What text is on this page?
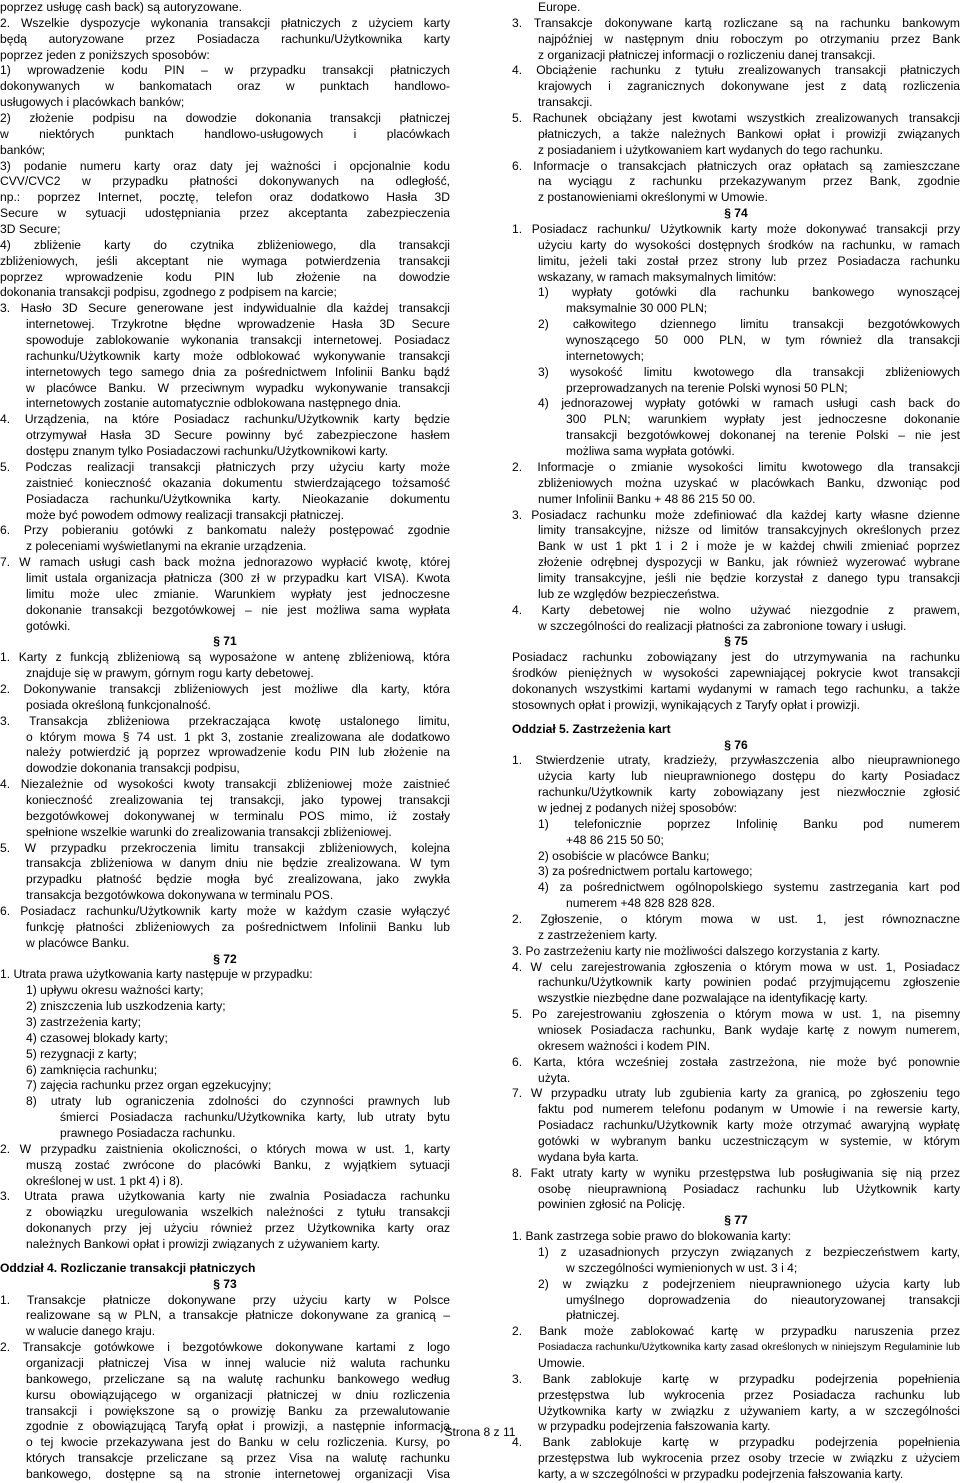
poprzez usługę cash back) są autoryzowane.
2. Wszelkie dyspozycje wykonania transakcji płatniczych z użyciem karty
będą autoryzowane przez Posiadacza rachunku/Użytkownika karty
poprzez jeden z poniższych sposobów:
1) wprowadzenie kodu PIN – w przypadku transakcji płatniczych
dokonywanych w bankomatach oraz w punktach handlowo-
usługowych i placówkach banków;
2) złożenie podpisu na dowodzie dokonania transakcji płatniczej
w niektórych punktach handlowo-usługowych i placówkach
banków;
3) podanie numeru karty oraz daty jej ważności i opcjonalnie kodu
CVV/CVC2 w przypadku płatności dokonywanych na odległość,
np.: poprzez Internet, pocztę, telefon oraz dodatkowo Hasła 3D
Secure w sytuacji udostępniania przez akceptanta zabezpieczenia
3D Secure;
4) zbliżenie karty do czytnika zbliżeniowego, dla transakcji
zbliżeniowych, jeśli akceptant nie wymaga potwierdzenia transakcji
poprzez wprowadzenie kodu PIN lub złożenie na dowodzie
dokonania transakcji podpisu, zgodnego z podpisem na karcie;
3. Hasło 3D Secure generowane jest indywidualnie dla każdej transakcji
internetowej. Trzykrotne błędne wprowadzenie Hasła 3D Secure
spowoduje zablokowanie wykonania transakcji internetowej. Posiadacz
rachunku/Użytkownik karty może odblokować wykonywanie transakcji
internetowych tego samego dnia za pośrednictwem Infolinii Banku bądź
w placówce Banku. W przeciwnym wypadku wykonywanie transakcji
internetowych zostanie automatycznie odblokowana następnego dnia.
4. Urządzenia, na które Posiadacz rachunku/Użytkownik karty będzie
otrzymywał Hasła 3D Secure powinny być zabezpieczone hasłem
dostępu znanym tylko Posiadaczowi rachunku/Użytkownikowi karty.
5. Podczas realizacji transakcji płatniczych przy użyciu karty może
zaistnieć konieczność okazania dokumentu stwierdzającego tożsamość
Posiadacza rachunku/Użytkownika karty. Nieokazanie dokumentu
może być powodem odmowy realizacji transakcji płatniczej.
6. Przy pobieraniu gotówki z bankomatu należy postępować zgodnie
z poleceniami wyświetlanymi na ekranie urządzenia.
7. W ramach usługi cash back można jednorazowo wypłacić kwotę, której
limit ustala organizacja płatnicza (300 zł w przypadku kart VISA). Kwota
limitu może ulec zmianie. Warunkiem wypłaty jest jednoczesne
dokonanie transakcji bezgotówkowej – nie jest możliwa sama wypłata
gotówki.
§ 71
1. Karty z funkcją zbliżeniową są wyposażone w antenę zbliżeniową, która
znajduje się w prawym, górnym rogu karty debetowej.
2. Dokonywanie transakcji zbliżeniowych jest możliwe dla karty, która
posiada określoną funkcjonalność.
3. Transakcja zbliżeniowa przekraczająca kwotę ustalonego limitu,
o którym mowa § 74 ust. 1 pkt 3, zostanie zrealizowana ale dodatkowo
należy potwierdzić ją poprzez wprowadzenie kodu PIN lub złożenie na
dowodzie dokonania transakcji podpisu,
4. Niezależnie od wysokości kwoty transakcji zbliżeniowej może zaistnieć
konieczność zrealizowania tej transakcji, jako typowej transakcji
bezgotówkowej dokonywanej w terminalu POS mimo, iż zostały
spełnione wszelkie warunki do zrealizowania transakcji zbliżeniowej.
5. W przypadku przekroczenia limitu transakcji zbliżeniowych, kolejna
transakcja zbliżeniowa w danym dniu nie będzie zrealizowana. W tym
przypadku płatność będzie mogła być zrealizowana, jako zwykła
transakcja bezgotówkowa dokonywana w terminalu POS.
6. Posiadacz rachunku/Użytkownik karty może w każdym czasie wyłączyć
funkcję płatności zbliżeniowych za pośrednictwem Infolinii Banku lub
w placówce Banku.
§ 72
1. Utrata prawa użytkowania karty następuje w przypadku:
1) upływu okresu ważności karty;
2) zniszczenia lub uszkodzenia karty;
3) zastrzeżenia karty;
4) czasowej blokady karty;
5) rezygnacji z karty;
6) zamknięcia rachunku;
7) zajęcia rachunku przez organ egzekucyjny;
8) utraty lub ograniczenia zdolności do czynności prawnych lub
śmierci Posiadacza rachunku/Użytkownika karty, lub utraty bytu
prawnego Posiadacza rachunku.
2. W przypadku zaistnienia okoliczności, o których mowa w ust. 1, karty
muszą zostać zwrócone do placówki Banku, z wyjątkiem sytuacji
określonej w ust. 1 pkt 4) i 8).
3. Utrata prawa użytkowania karty nie zwalnia Posiadacza rachunku
z obowiązku uregulowania wszelkich należności z tytułu transakcji
dokonanych przy jej użyciu również przez Użytkownika karty oraz
należnych Bankowi opłat i prowizji związanych z używaniem karty.
Oddział 4. Rozliczanie transakcji płatniczych
§ 73
1. Transakcje płatnicze dokonywane przy użyciu karty w Polsce
realizowane są w PLN, a transakcje płatnicze dokonywane za granicą –
w walucie danego kraju.
2. Transakcje gotówkowe i bezgotówkowe dokonywane kartami z logo
organizacji płatniczej Visa w innej walucie niż waluta rachunku
bankowego, przeliczane są na walutę rachunku bankowego według
kursu obowiązującego w organizacji płatniczej w dniu rozliczenia
transakcji i powiększone są o prowizję Banku za przewalutowanie
zgodnie z obowiązującą Taryfą opłat i prowizji, a następnie informacja
o tej kwocie przekazywana jest do Banku w celu rozliczenia. Kursy, po
których transakcje przeliczane są przez Visa na walutę rachunku
bankowego, dostępne są na stronie internetowej organizacji Visa
Europe.
3. Transakcje dokonywane kartą rozliczane są na rachunku bankowym
najpóźniej w następnym dniu roboczym po otrzymaniu przez Bank
z organizacji płatniczej informacji o rozliczeniu danej transakcji.
4. Obciążenie rachunku z tytułu zrealizowanych transakcji płatniczych
krajowych i zagranicznych dokonywane jest z datą rozliczenia
transakcji.
5. Rachunek obciążany jest kwotami wszystkich zrealizowanych transakcji
płatniczych, a także należnych Bankowi opłat i prowizji związanych
z posiadaniem i użytkowaniem kart wydanych do tego rachunku.
6. Informacje o transakcjach płatniczych oraz opłatach są zamieszczane
na wyciągu z rachunku przekazywanym przez Bank, zgodnie
z postanowieniami określonymi w Umowie.
§ 74
1. Posiadacz rachunku/ Użytkownik karty może dokonywać transakcji przy
użyciu karty do wysokości dostępnych środków na rachunku, w ramach
limitu, jeżeli taki został przez strony lub przez Posiadacza rachunku
wskazany, w ramach maksymalnych limitów:
1) wypłaty gotówki dla rachunku bankowego wynoszącej
maksymalnie 30 000 PLN;
2) całkowitego dziennego limitu transakcji bezgotówkowych
wynoszącego 50 000 PLN, w tym również dla transakcji
internetowych;
3) wysokość limitu kwotowego dla transakcji zbliżeniowych
przeprowadzanych na terenie Polski wynosi 50 PLN;
4) jednorazowej wypłaty gotówki w ramach usługi cash back do
300 PLN; warunkiem wypłaty jest jednoczesne dokonanie
transakcji bezgotówkowej dokonanej na terenie Polski – nie jest
możliwa sama wypłata gotówki.
2. Informacje o zmianie wysokości limitu kwotowego dla transakcji
zbliżeniowych można uzyskać w placówkach Banku, dzwoniąc pod
numer Infolinii Banku + 48 86 215 50 00.
3. Posiadacz rachunku może zdefiniować dla każdej karty własne dzienne
limity transakcyjne, niższe od limitów transakcyjnych określonych przez
Bank w ust 1 pkt 1 i 2 i może je w każdej chwili zmieniać poprzez
złożenie odrębnej dyspozycji w Banku, jak również wyzerować wybrane
limity transakcyjne, jeśli nie będzie korzystał z danego typu transakcji
lub ze względów bezpieczeństwa.
4. Karty debetowej nie wolno używać niezgodnie z prawem,
w szczególności do realizacji płatności za zabronione towary i usługi.
§ 75
Posiadacz rachunku zobowiązany jest do utrzymywania na rachunku
środków pieniężnych w wysokości zapewniającej pokrycie kwot transakcji
dokonanych wszystkimi kartami wydanymi w ramach tego rachunku, a także
stosownych opłat i prowizji, wynikających z Taryfy opłat i prowizji.
Oddział 5. Zastrzeżenia kart
§ 76
1. Stwierdzenie utraty, kradzieży, przywłaszczenia albo nieuprawnionego
użycia karty lub nieuprawnionego dostępu do karty Posiadacz
rachunku/Użytkownik karty zobowiązany jest niezwłocznie zgłosić
w jednej z podanych niżej sposobów:
1) telefonicznie poprzez Infolinię Banku pod numerem
+48 86 215 50 50;
2) osobiście w placówce Banku;
3) za pośrednictwem portalu kartowego;
4) za pośrednictwem ogólnopolskiego systemu zastrzegania kart pod
numerem +48 828 828 828.
2. Zgłoszenie, o którym mowa w ust. 1, jest równoznaczne
z zastrzeżeniem karty.
3. Po zastrzeżeniu karty nie możliwości dalszego korzystania z karty.
4. W celu zarejestrowania zgłoszenia o którym mowa w ust. 1, Posiadacz
rachunku/Użytkownik karty powinien podać przyjmującemu zgłoszenie
wszystkie niezbędne dane pozwalające na identyfikację karty.
5. Po zarejestrowaniu zgłoszenia o którym mowa w ust. 1, na pisemny
wniosek Posiadacza rachunku, Bank wydaje kartę z nowym numerem,
okresem ważności i kodem PIN.
6. Karta, która wcześniej została zastrzeżona, nie może być ponownie
użyta.
7. W przypadku utraty lub zgubienia karty za granicą, po zgłoszeniu tego
faktu pod numerem telefonu podanym w Umowie i na rewersie karty,
Posiadacz rachunku/Użytkownik karty może otrzymać awaryjną wypłatę
gotówki w wybranym banku uczestniczącym w systemie, w którym
wydana była karta.
8. Fakt utraty karty w wyniku przestępstwa lub posługiwania się nią przez
osobę nieuprawnioną Posiadacz rachunku lub Użytkownik karty
powinien zgłosić na Policję.
§ 77
1. Bank zastrzega sobie prawo do blokowania karty:
1) z uzasadnionych przyczyn związanych z bezpieczeństwem karty,
w szczególności wymienionych w ust. 3 i 4;
2) w związku z podejrzeniem nieuprawnionego użycia karty lub
umyślnego doprowadzenia do nieautoryzowanej transakcji
płatniczej.
2. Bank może zablokować kartę w przypadku naruszenia przez
Posiadacza rachunku/Użytkownika karty zasad określonych w niniejszym Regulaminie lub
Umowie.
3. Bank zablokuje kartę w przypadku podejrzenia popełnienia
przestępstwa lub wykrocenia przez Posiadacza rachunku lub
Użytkownika karty w związku z używaniem karty, a w szczególności
w przypadku podejrzenia fałszowania karty.
4. Bank zablokuje kartę w przypadku podejrzenia popełnienia
przestępstwa lub wykrocenia przez osoby trzecie w związku z użyciem
karty, a w szczególności w przypadku podejrzenia fałszowania karty.
Strona 8 z 11
